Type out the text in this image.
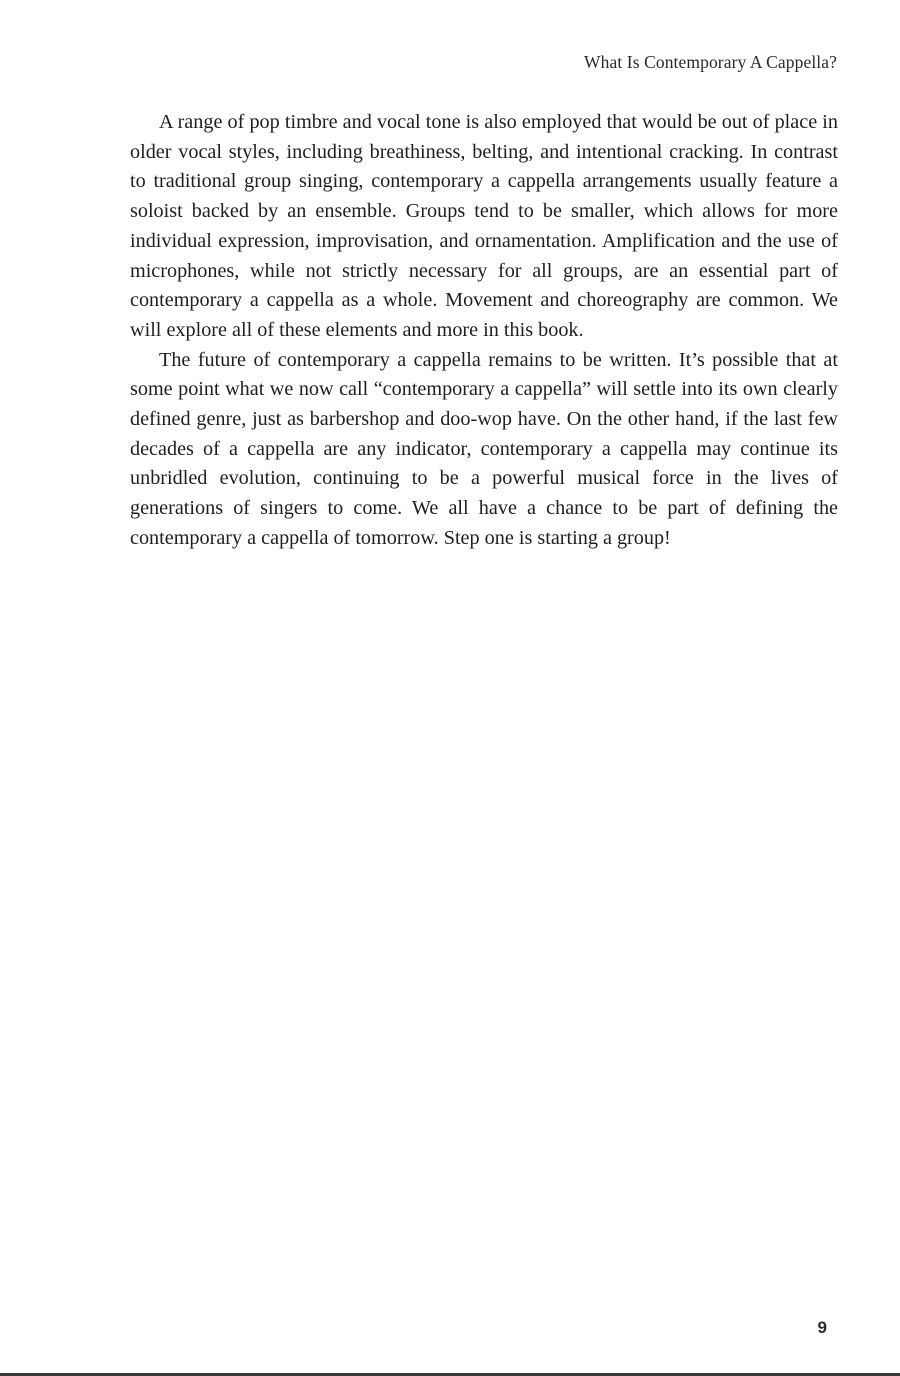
What Is Contemporary A Cappella?

A range of pop timbre and vocal tone is also employed that would be out of place in older vocal styles, including breathiness, belting, and intentional cracking. In contrast to traditional group singing, contemporary a cappella arrangements usually feature a soloist backed by an ensemble. Groups tend to be smaller, which allows for more individual expression, improvisation, and ornamentation. Amplification and the use of microphones, while not strictly necessary for all groups, are an essential part of contemporary a cappella as a whole. Movement and choreography are common. We will explore all of these elements and more in this book.

The future of contemporary a cappella remains to be written. It’s possible that at some point what we now call “contemporary a cappella” will settle into its own clearly defined genre, just as barbershop and doo-wop have. On the other hand, if the last few decades of a cappella are any indicator, contemporary a cappella may continue its unbridled evolution, continuing to be a powerful musical force in the lives of generations of singers to come. We all have a chance to be part of defining the contemporary a cappella of tomorrow. Step one is starting a group!

9
